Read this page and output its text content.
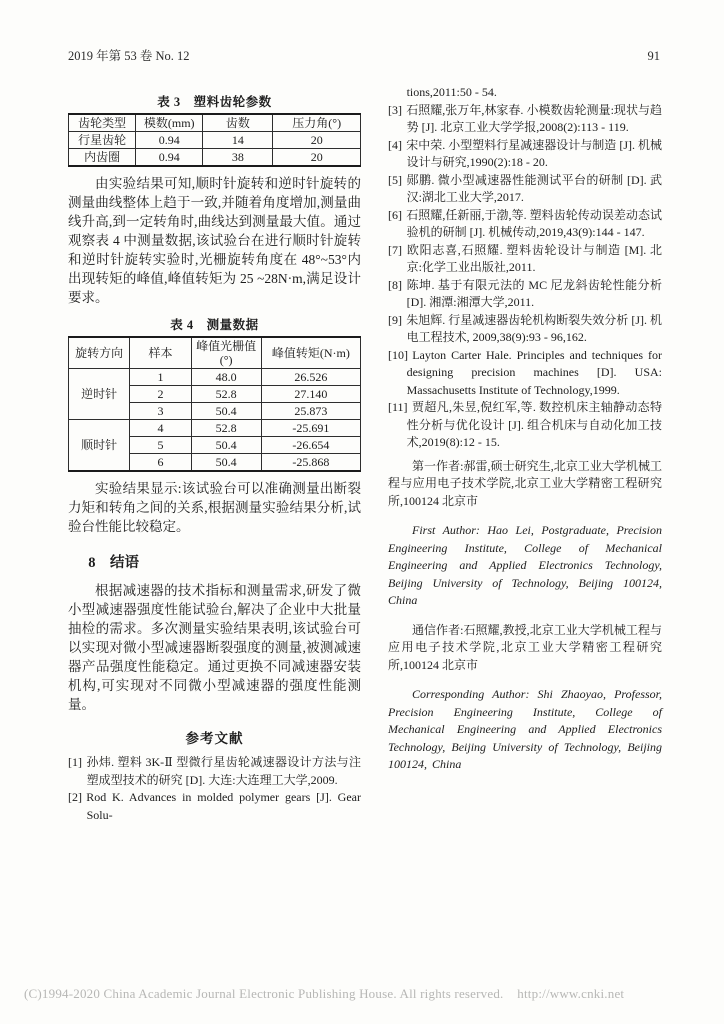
2019 年第 53 卷 No. 12	91
表 3　塑料齿轮参数
齿轮类型	模数(mm)	齿数	压力角(°)
行星齿轮	0.94	14	20
内齿圈	0.94	38	20

由实验结果可知,顺时针旋转和逆时针旋转的测量曲线整体上趋于一致,并随着角度增加,测量曲线升高,到一定转角时,曲线达到测量最大值。通过观察表 4 中测量数据,该试验台在进行顺时针旋转和逆时针旋转实验时,光栅旋转角度在 48°~53°内出现转矩的峰值,峰值转矩为 25 ~28N·m,满足设计要求。

表 4　测量数据
旋转方向	样本	峰值光栅值(°)	峰值转矩(N·m)
逆时针	1	48.0	26.526
	2	52.8	27.140
	3	50.4	25.873
顺时针	4	52.8	-25.691
	5	50.4	-26.654
	6	50.4	-25.868

实验结果显示:该试验台可以准确测量出断裂力矩和转角之间的关系,根据测量实验结果分析,试验台性能比较稳定。

8 结语

根据减速器的技术指标和测量需求,研发了微小型减速器强度性能试验台,解决了企业中大批量抽检的需求。多次测量实验结果表明,该试验台可以实现对微小型减速器断裂强度的测量,被测减速器产品强度性能稳定。通过更换不同减速器安装机构,可实现对不同微小型减速器的强度性能测量。

参考文献

[1] 孙炜. 塑料 3K-Ⅱ 型微行星齿轮减速器设计方法与注塑成型技术的研究 [D]. 大连:大连理工大学,2009.

[2] Rod K. Advances in molded polymer gears [J]. Gear Solu-

tions,2011:50 - 54.

[3] 石照耀,张万年,林家春. 小模数齿轮测量:现状与趋势 [J]. 北京工业大学学报,2008(2):113 - 119.

[4] 宋中荣. 小型塑料行星减速器设计与制造 [J]. 机械设计与研究,1990(2):18 - 20.

[5] 郧鹏. 微小型减速器性能测试平台的研制 [D]. 武汉:湖北工业大学,2017.

[6] 石照耀,任新丽,于渤,等. 塑料齿轮传动误差动态试验机的研制 [J]. 机械传动,2019,43(9):144 - 147.

[7] 欧阳志喜,石照耀. 塑料齿轮设计与制造 [M]. 北京:化学工业出版社,2011.

[8] 陈坤. 基于有限元法的 MC 尼龙斜齿轮性能分析 [D]. 湘潭:湘潭大学,2011.

[9] 朱旭辉. 行星减速器齿轮机构断裂失效分析 [J]. 机电工程技术, 2009,38(9):93 - 96,162.

[10] Layton Carter Hale. Principles and techniques for designing precision machines [D]. USA: Massachusetts Institute of Technology,1999.

[11] 贾超凡,朱昱,倪红军,等. 数控机床主轴静动态特性分析与优化设计 [J]. 组合机床与自动化加工技术,2019(8):12 - 15.

第一作者:郝雷,硕士研究生,北京工业大学机械工程与应用电子技术学院,北京工业大学精密工程研究所,100124 北京市

First Author: Hao Lei, Postgraduate, Precision Engineering Institute, College of Mechanical Engineering and Applied Electronics Technology, Beijing University of Technology, Beijing 100124, China

通信作者:石照耀,教授,北京工业大学机械工程与应用电子技术学院,北京工业大学精密工程研究所,100124 北京市

Corresponding Author: Shi Zhaoyao, Professor, Precision Engineering Institute, College of Mechanical Engineering and Applied Electronics Technology, Beijing University of Technology, Beijing 100124, China

(C)1994-2020 China Academic Journal Electronic Publishing House. All rights reserved.    http://www.cnki.net
